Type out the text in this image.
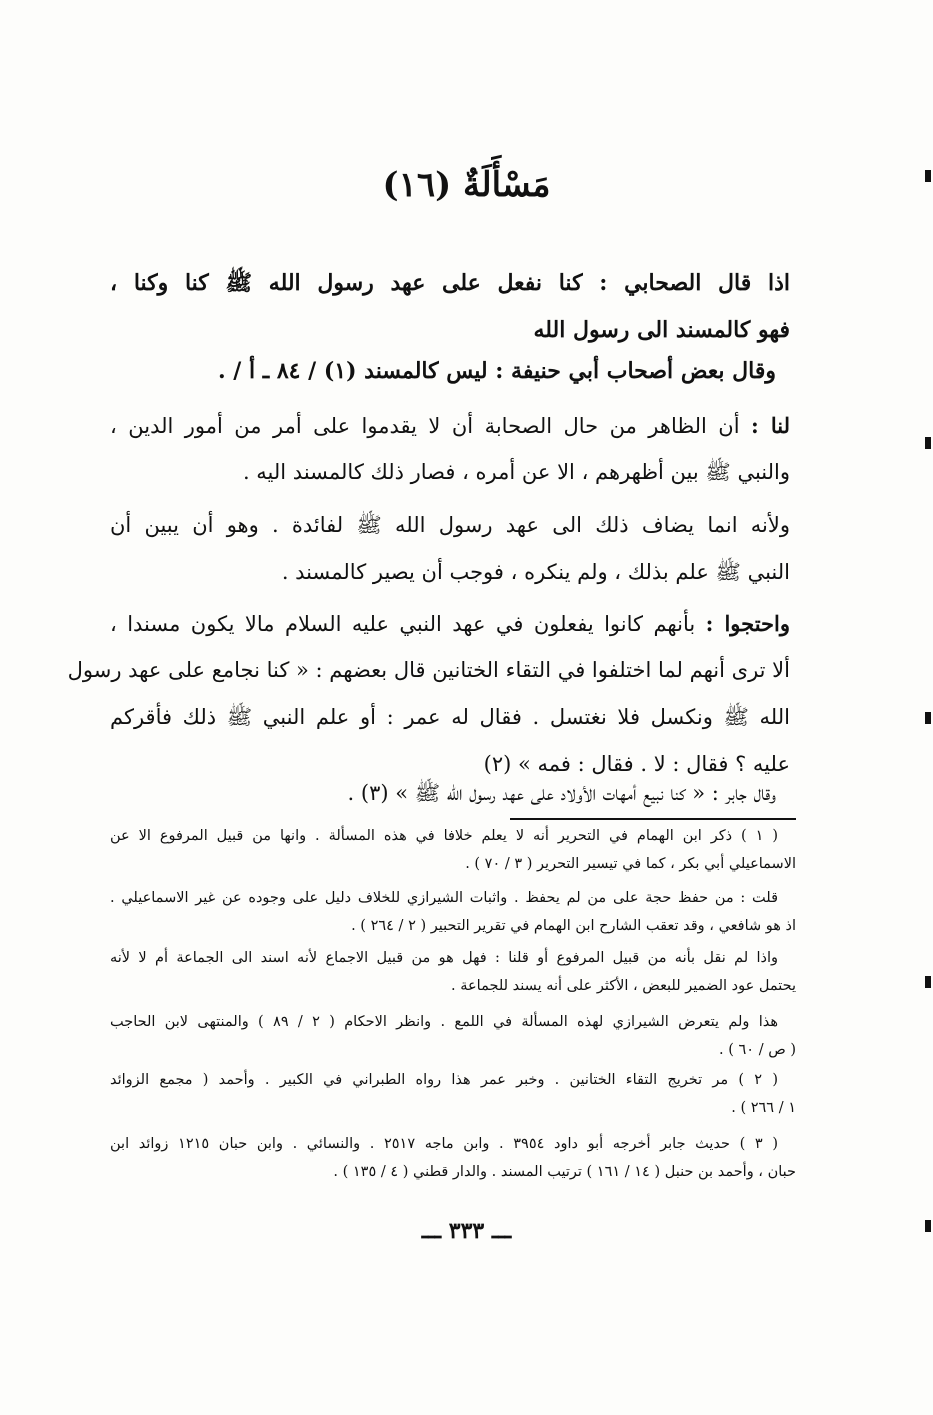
مَسْأَلَةٌ (١٦)
اذا قال الصحابي : كنا نفعل على عهد رسول الله ﷺ كنا وكنا ،
فهو كالمسند الى رسول الله
وقال بعض أصحاب أبي حنيفة : ليس كالمسند (١) / ٨٤ ـ أ / .
لنا : أن الظاهر من حال الصحابة أن لا يقدموا على أمر من أمور الدين ،
والنبي ﷺ بين أظهرهم ، الا عن أمره ، فصار ذلك كالمسند اليه .
ولأنه انما يضاف ذلك الى عهد رسول الله ﷺ لفائدة . وهو أن يبين أن
النبي ﷺ علم بذلك ، ولم ينكره ، فوجب أن يصير كالمسند .
واحتجوا : بأنهم كانوا يفعلون في عهد النبي عليه السلام مالا يكون مسندا ،
ألا ترى أنهم لما اختلفوا في التقاء الختانين قال بعضهم : « كنا نجامع على عهد رسول
الله ﷺ ونكسل فلا نغتسل . فقال له عمر : أو علم النبي ﷺ ذلك فأقركم
عليه ؟ فقال : لا . فقال : فمه » (٢)
وقال جابر : « كنا نبيع أمهات الأولاد على عهد رسول الله ﷺ » (٣) .
( ١ ) ذكر ابن الهمام في التحرير أنه لا يعلم خلافا في هذه المسألة . وانها من قبيل المرفوع الا عن
الاسماعيلي أبي بكر ، كما في تيسير التحرير ( ٣ / ٧٠ ) .
قلت : من حفظ حجة على من لم يحفظ . واثبات الشيرازي للخلاف دليل على وجوده عن غير الاسماعيلي .
اذ هو شافعي ، وقد تعقب الشارح ابن الهمام في تقرير التحبير ( ٢ / ٢٦٤ ) .
واذا لم نقل بأنه من قبيل المرفوع أو قلنا : فهل هو من قبيل الاجماع لأنه اسند الى الجماعة أم لا لأنه
يحتمل عود الضمير للبعض ، الأكثر على أنه يسند للجماعة .
هذا ولم يتعرض الشيرازي لهذه المسألة في اللمع . وانظر الاحكام ( ٢ / ٨٩ ) والمنتهى لابن الحاجب
( ص / ٦٠ ) .
( ٢ ) مر تخريج التقاء الختانين . وخبر عمر هذا رواه الطبراني في الكبير . وأحمد ( مجمع الزوائد
١ / ٢٦٦ ) .
( ٣ ) حديث جابر أخرجه أبو داود ٣٩٥٤ . وابن ماجه ٢٥١٧ . والنسائي . وابن حبان ١٢١٥ زوائد ابن
حبان ، وأحمد بن حنبل ( ١٤ / ١٦١ ) ترتيب المسند . والدار قطني ( ٤ / ١٣٥ ) .
ـــ ٣٣٣ ـــ
